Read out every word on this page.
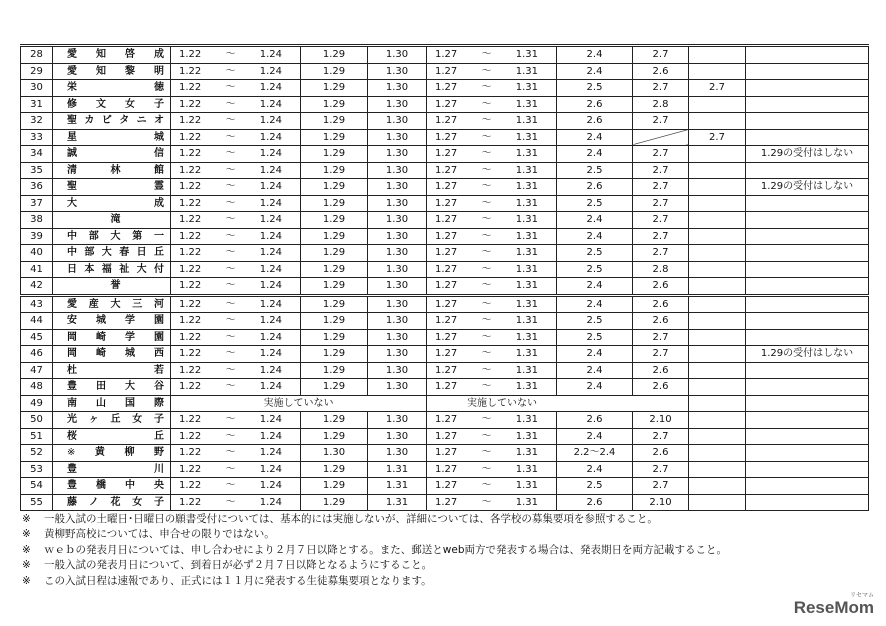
28	愛知啓成	1.22 ～ 1.24	1.29	1.30	1.27 ～ 1.31	2.4	2.7		
29	愛知黎明	1.22 ～ 1.24	1.29	1.30	1.27 ～ 1.31	2.4	2.6		
30	栄徳	1.22 ～ 1.24	1.29	1.30	1.27 ～ 1.31	2.5	2.7	2.7	
31	修文女子	1.22 ～ 1.24	1.29	1.30	1.27 ～ 1.31	2.6	2.8		
32	聖カピタニオ	1.22 ～ 1.24	1.29	1.30	1.27 ～ 1.31	2.6	2.7		
33	星城	1.22 ～ 1.24	1.29	1.30	1.27 ～ 1.31	2.4		2.7	
34	誠信	1.22 ～ 1.24	1.29	1.30	1.27 ～ 1.31	2.4	2.7		1.29の受付はしない
35	清林館	1.22 ～ 1.24	1.29	1.30	1.27 ～ 1.31	2.5	2.7		
36	聖霊	1.22 ～ 1.24	1.29	1.30	1.27 ～ 1.31	2.6	2.7		1.29の受付はしない
37	大成	1.22 ～ 1.24	1.29	1.30	1.27 ～ 1.31	2.5	2.7		
38	滝	1.22 ～ 1.24	1.29	1.30	1.27 ～ 1.31	2.4	2.7		
39	中部大第一	1.22 ～ 1.24	1.29	1.30	1.27 ～ 1.31	2.4	2.7		
40	中部大春日丘	1.22 ～ 1.24	1.29	1.30	1.27 ～ 1.31	2.5	2.7		
41	日本福祉大付	1.22 ～ 1.24	1.29	1.30	1.27 ～ 1.31	2.5	2.8		
42	誉	1.22 ～ 1.24	1.29	1.30	1.27 ～ 1.31	2.4	2.6		
43	愛産大三河	1.22 ～ 1.24	1.29	1.30	1.27 ～ 1.31	2.4	2.6		
44	安城学園	1.22 ～ 1.24	1.29	1.30	1.27 ～ 1.31	2.5	2.6		
45	岡崎学園	1.22 ～ 1.24	1.29	1.30	1.27 ～ 1.31	2.5	2.7		
46	岡崎城西	1.22 ～ 1.24	1.29	1.30	1.27 ～ 1.31	2.4	2.7		1.29の受付はしない
47	杜若	1.22 ～ 1.24	1.29	1.30	1.27 ～ 1.31	2.4	2.6		
48	豊田大谷	1.22 ～ 1.24	1.29	1.30	1.27 ～ 1.31	2.4	2.6		
49	南山国際	実施していない			実施していない				
50	光ヶ丘女子	1.22 ～ 1.24	1.29	1.30	1.27 ～ 1.31	2.6	2.10		
51	桜丘	1.22 ～ 1.24	1.29	1.30	1.27 ～ 1.31	2.4	2.7		
52	※黄柳野	1.22 ～ 1.24	1.30	1.30	1.27 ～ 1.31	2.2～2.4	2.6		
53	豊川	1.22 ～ 1.24	1.29	1.31	1.27 ～ 1.31	2.4	2.7		
54	豊橋中央	1.22 ～ 1.24	1.29	1.31	1.27 ～ 1.31	2.5	2.7		
55	藤ノ花女子	1.22 ～ 1.24	1.29	1.31	1.27 ～ 1.31	2.6	2.10		
※ 一般入試の土曜日･日曜日の願書受付については、基本的には実施しないが、詳細については、各学校の募集要項を参照すること。
※ 黄柳野高校については、申合せの限りではない。
※ ｗｅｂの発表月日については、申し合わせにより２月７日以降とする。また、郵送とweb両方で発表する場合は、発表期日を両方記載すること。
※ 一般入試の発表月日について、到着日が必ず２月７日以降となるようにすること。
※ この入試日程は速報であり、正式には１１月に発表する生徒募集要項となります。
リセマム
ReseMom
